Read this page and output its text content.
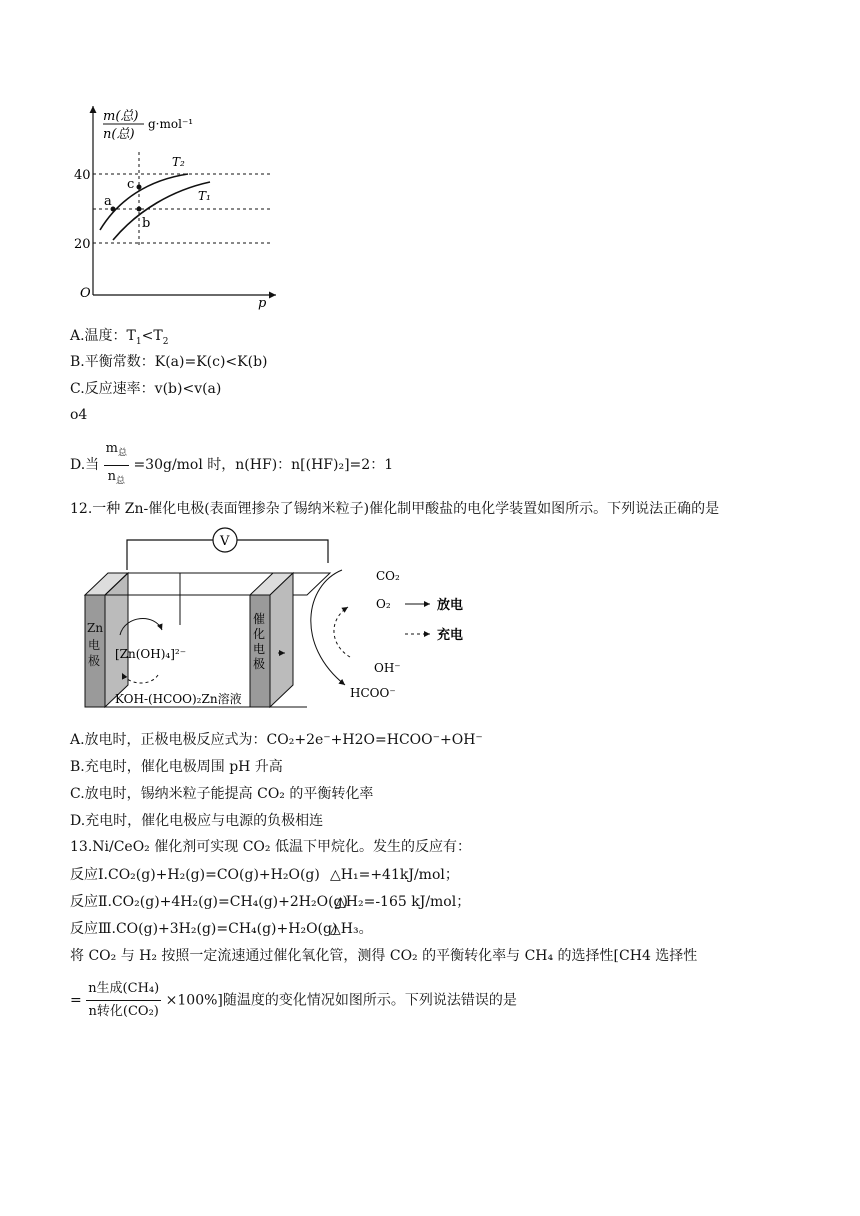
m(总)
n(总)
g·mol⁻¹
40
20
O
p
a
c
b
T₂
T₁
A.温度：$T_1<T_2$
B.平衡常数：K(a)=K(c)<K(b)
C.反应速率：v(b)<v(a)
o4
D.当 $\frac{m_总}{n_总} =30g/mol$ 时，n(HF)：n[(HF)₂]=2：1
12.一种 Zn-催化电极(表面锂掺杂了锡纳米粒子)催化制甲酸盐的电化学装置如图所示。下列说法正确的是
V
Zn
电
极
催
化
电
极
[Zn(OH)₄]²⁻
KOH-(HCOO)₂Zn溶液
CO₂
O₂
OH⁻
HCOO⁻
放电
充电
A.放电时，正极电极反应式为：CO₂+2e⁻+H2O=HCOO⁻+OH⁻
B.充电时，催化电极周围 pH 升高
C.放电时，锡纳米粒子能提高 CO₂ 的平衡转化率
D.充电时，催化电极应与电源的负极相连
13.Ni/CeO₂ 催化剂可实现 CO₂ 低温下甲烷化。发生的反应有：
反应Ⅰ.CO₂(g)+H₂(g)=CO(g)+H₂O(g) △H₁=+41kJ/mol；
反应Ⅱ.CO₂(g)+4H₂(g)=CH₄(g)+2H₂O(g)
△H₂=-165 kJ/mol；
反应Ⅲ.CO(g)+3H₂(g)=CH₄(g)+H₂O(g)
△H₃。
将 CO₂ 与 H₂ 按照一定流速通过催化氧化管，测得 CO₂ 的平衡转化率与 CH₄ 的选择性[CH4 选择性
= $\frac{\text{n生成(CH₄)}}{\text{n转化(CO₂)}} \times 100\%$]随温度的变化情况如图所示。下列说法错误的是
